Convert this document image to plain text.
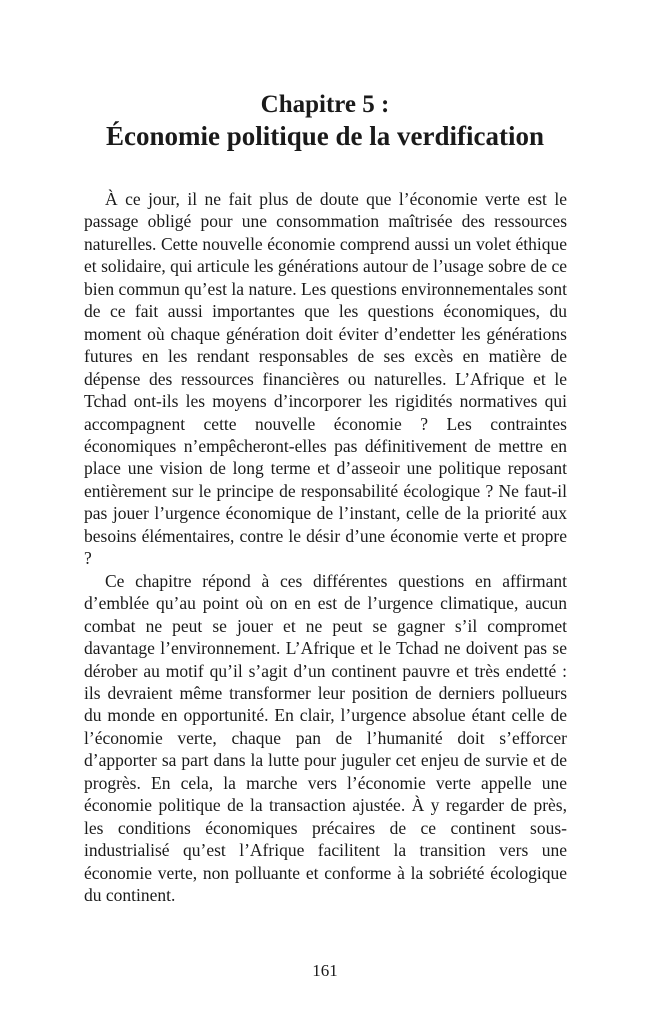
Chapitre 5 :
Économie politique de la verdification

À ce jour, il ne fait plus de doute que l’économie verte est le passage obligé pour une consommation maîtrisée des ressources naturelles. Cette nouvelle économie comprend aussi un volet éthique et solidaire, qui articule les générations autour de l’usage sobre de ce bien commun qu’est la nature. Les questions environnementales sont de ce fait aussi importantes que les questions économiques, du moment où chaque génération doit éviter d’endetter les générations futures en les rendant responsables de ses excès en matière de dépense des ressources financières ou naturelles. L’Afrique et le Tchad ont-ils les moyens d’incorporer les rigidités normatives qui accompagnent cette nouvelle économie ? Les contraintes économiques n’empêcheront-elles pas définitivement de mettre en place une vision de long terme et d’asseoir une politique reposant entièrement sur le principe de responsabilité écologique ? Ne faut-il pas jouer l’urgence économique de l’instant, celle de la priorité aux besoins élémentaires, contre le désir d’une économie verte et propre ?

Ce chapitre répond à ces différentes questions en affirmant d’emblée qu’au point où on en est de l’urgence climatique, aucun combat ne peut se jouer et ne peut se gagner s’il compromet davantage l’environnement. L’Afrique et le Tchad ne doivent pas se dérober au motif qu’il s’agit d’un continent pauvre et très endetté : ils devraient même transformer leur position de derniers pollueurs du monde en opportunité. En clair, l’urgence absolue étant celle de l’économie verte, chaque pan de l’humanité doit s’efforcer d’apporter sa part dans la lutte pour juguler cet enjeu de survie et de progrès. En cela, la marche vers l’économie verte appelle une économie politique de la transaction ajustée. À y regarder de près, les conditions économiques précaires de ce continent sous-industrialisé qu’est l’Afrique facilitent la transition vers une économie verte, non polluante et conforme à la sobriété écologique du continent.

161
